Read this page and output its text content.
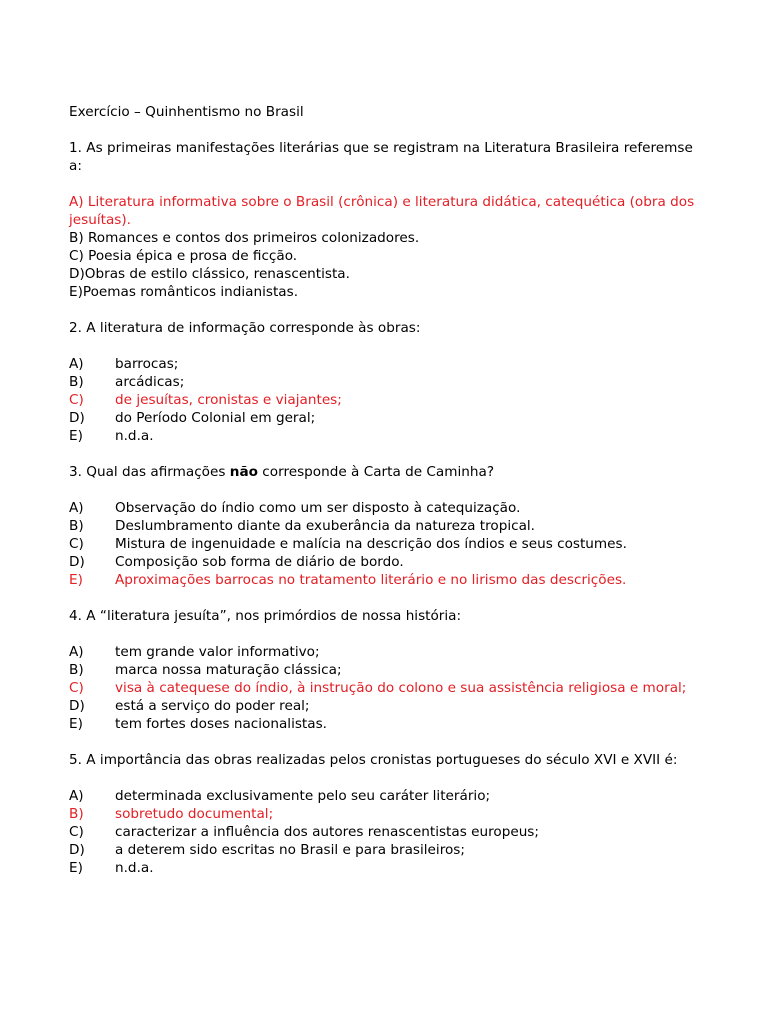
Exercício – Quinhentismo no Brasil
1. As primeiras manifestações literárias que se registram na Literatura Brasileira referemse a:
A) Literatura informativa sobre o Brasil (crônica) e literatura didática, catequética (obra dos jesuítas).
B) Romances e contos dos primeiros colonizadores.
C) Poesia épica e prosa de ficção.
D)Obras de estilo clássico, renascentista.
E)Poemas românticos indianistas.
2. A literatura de informação corresponde às obras:
A) barrocas;
B) arcádicas;
C) de jesuítas, cronistas e viajantes;
D) do Período Colonial em geral;
E) n.d.a.
3. Qual das afirmações não corresponde à Carta de Caminha?
A) Observação do índio como um ser disposto à catequização.
B) Deslumbramento diante da exuberância da natureza tropical.
C) Mistura de ingenuidade e malícia na descrição dos índios e seus costumes.
D) Composição sob forma de diário de bordo.
E) Aproximações barrocas no tratamento literário e no lirismo das descrições.
4. A “literatura jesuíta”, nos primórdios de nossa história:
A) tem grande valor informativo;
B) marca nossa maturação clássica;
C) visa à catequese do índio, à instrução do colono e sua assistência religiosa e moral;
D) está a serviço do poder real;
E) tem fortes doses nacionalistas.
5. A importância das obras realizadas pelos cronistas portugueses do século XVI e XVII é:
A) determinada exclusivamente pelo seu caráter literário;
B) sobretudo documental;
C) caracterizar a influência dos autores renascentistas europeus;
D) a deterem sido escritas no Brasil e para brasileiros;
E) n.d.a.
